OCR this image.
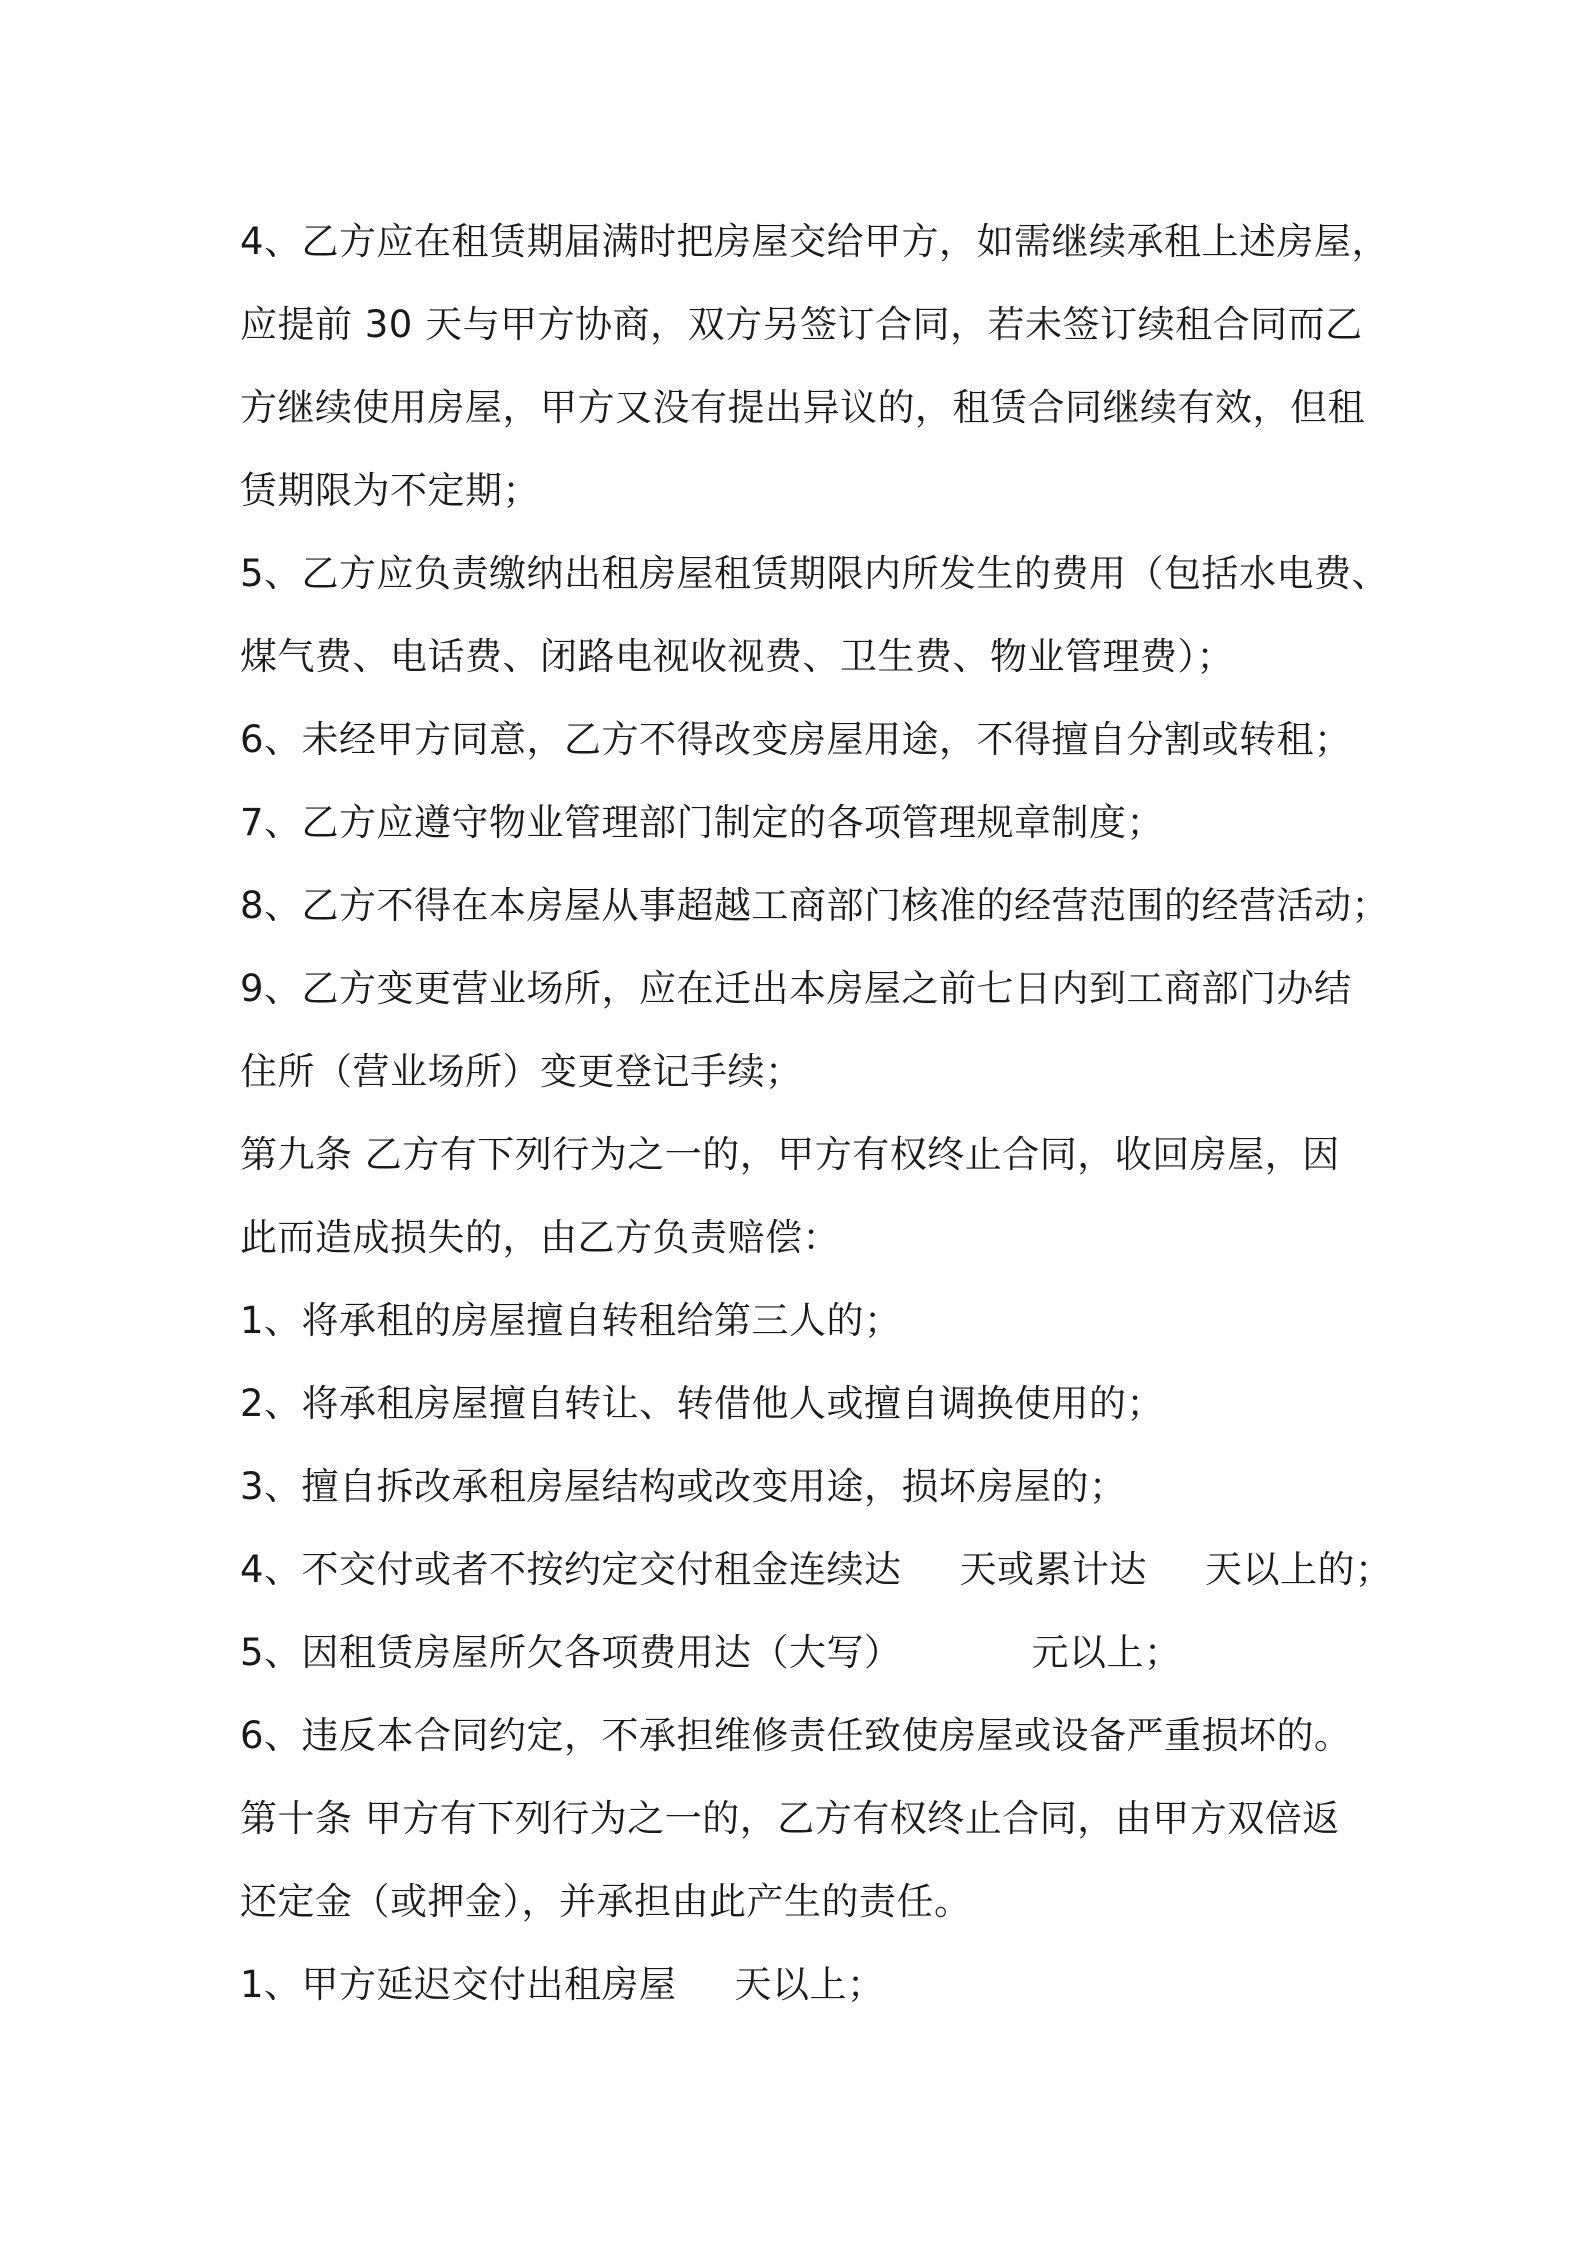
4、乙方应在租赁期届满时把房屋交给甲方，如需继续承租上述房屋，
应提前 30 天与甲方协商，双方另签订合同，若未签订续租合同而乙
方继续使用房屋，甲方又没有提出异议的，租赁合同继续有效，但租
赁期限为不定期；
5、乙方应负责缴纳出租房屋租赁期限内所发生的费用（包括水电费、
煤气费、电话费、闭路电视收视费、卫生费、物业管理费）；
6、未经甲方同意，乙方不得改变房屋用途，不得擅自分割或转租；
7、乙方应遵守物业管理部门制定的各项管理规章制度；
8、乙方不得在本房屋从事超越工商部门核准的经营范围的经营活动；
9、乙方变更营业场所，应在迁出本房屋之前七日内到工商部门办结
住所（营业场所）变更登记手续；
第九条 乙方有下列行为之一的，甲方有权终止合同，收回房屋，因
此而造成损失的，由乙方负责赔偿：
1、将承租的房屋擅自转租给第三人的；
2、将承租房屋擅自转让、转借他人或擅自调换使用的；
3、擅自拆改承租房屋结构或改变用途，损坏房屋的；
4、不交付或者不按约定交付租金连续达 天或累计达 天以上的；
5、因租赁房屋所欠各项费用达（大写）	元以上；
6、违反本合同约定，不承担维修责任致使房屋或设备严重损坏的。
第十条 甲方有下列行为之一的，乙方有权终止合同，由甲方双倍返
还定金（或押金），并承担由此产生的责任。
1、甲方延迟交付出租房屋 天以上；
